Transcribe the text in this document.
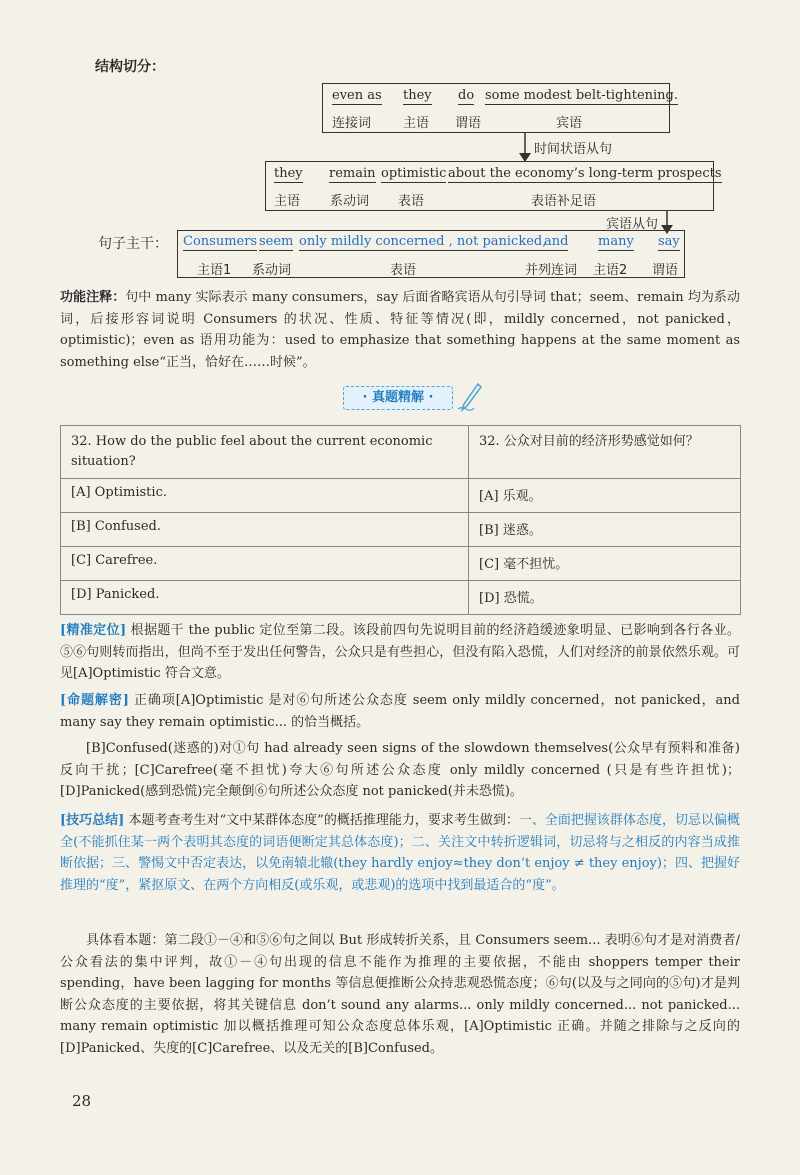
结构切分：
even as they do some modest belt-tightening.
连接词 主语 谓语	宾语
时间状语从句
they remain optimistic about the economy’s long-term prospects
主语 系动词 表语	表语补足语
宾语从句
句子主干： Consumers seem only mildly concerned , not panicked,
and many say
主语1 系动词	表语	并列连词 主语2 谓语
功能注释：句中 many 实际表示 many consumers，say 后面省略宾语从句引导词 that；seem、remain 均为系动词，后接形容词说明 Consumers 的状况、性质、特征等情况(即，mildly concerned，not panicked，optimistic)；even as 语用功能为：used to emphasize that something happens at the same moment as something else“正当，恰好在……时候”。
· 真题精解 ·
32. How do the public feel about the current economic situation?	32. 公众对目前的经济形势感觉如何？
[A] Optimistic.	[A] 乐观。
[B] Confused.	[B] 迷惑。
[C] Carefree.	[C] 毫不担忧。
[D] Panicked.	[D] 恐慌。
[精准定位] 根据题干 the public 定位至第二段。该段前四句先说明目前的经济趋缓迹象明显、已影响到各行各业。⑤⑥句则转而指出，但尚不至于发出任何警告，公众只是有些担心，但没有陷入恐慌，人们对经济的前景依然乐观。可见[A]Optimistic 符合文意。
[命题解密] 正确项[A]Optimistic 是对⑥句所述公众态度 seem only mildly concerned，not panicked，and many say they remain optimistic... 的恰当概括。
[B]Confused(迷惑的)对①句 had already seen signs of the slowdown themselves(公众早有预料和准备)反向干扰；[C]Carefree(毫不担忧)夸大⑥句所述公众态度 only mildly concerned (只是有些许担忧)；[D]Panicked(感到恐慌)完全颠倒⑥句所述公众态度 not panicked(并未恐慌)。
[技巧总结] 本题考查考生对“文中某群体态度”的概括推理能力，要求考生做到：一、全面把握该群体态度，切忌以偏概全(不能抓住某一两个表明其态度的词语便断定其总体态度)；二、关注文中转折逻辑词，切忌将与之相反的内容当成推断依据；三、警惕文中否定表达，以免南辕北辙(they hardly enjoy≈they don’t enjoy ≠ they enjoy)；四、把握好推理的“度”，紧抠原文、在两个方向相反(或乐观，或悲观)的选项中找到最适合的“度”。
具体看本题：第二段①－④和⑤⑥句之间以 But 形成转折关系，且 Consumers seem... 表明⑥句才是对消费者/公众看法的集中评判，故①－④句出现的信息不能作为推理的主要依据，不能由 shoppers temper their spending，have been lagging for months 等信息便推断公众持悲观恐慌态度；⑥句(以及与之同向的⑤句)才是判断公众态度的主要依据，将其关键信息 don’t sound any alarms... only mildly concerned... not panicked... many remain optimistic 加以概括推理可知公众态度总体乐观，[A]Optimistic 正确。并随之排除与之反向的[D]Panicked、失度的[C]Carefree、以及无关的[B]Confused。
28
